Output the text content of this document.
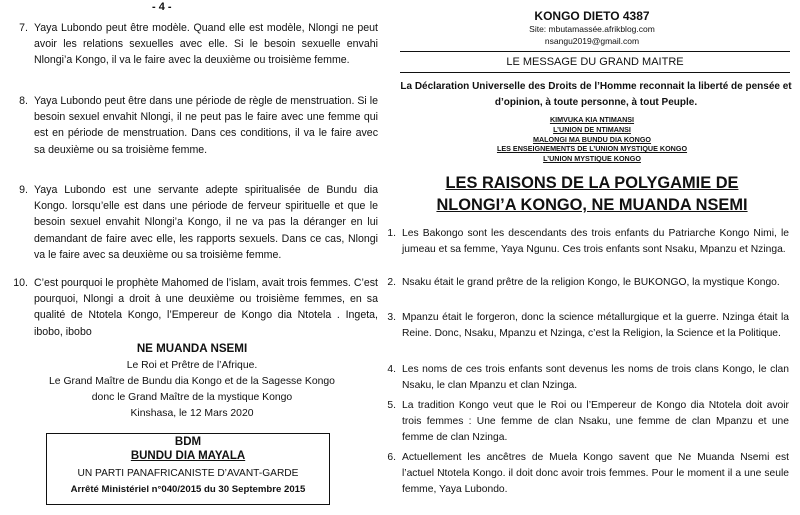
- 4 -
7. Yaya Lubondo peut être modèle. Quand elle est modèle, Nlongi ne peut avoir les relations sexuelles avec elle. Si le besoin sexuelle envahi Nlongi’a Kongo, il va le faire avec la deuxième ou troisième femme.
8. Yaya Lubondo peut être dans une période de règle de menstruation. Si le besoin sexuel envahit Nlongi, il ne peut pas le faire avec une femme qui est en période de menstruation. Dans ces conditions, il va le faire avec sa deuxième ou sa troisième femme.
9. Yaya Lubondo est une servante adepte spiritualisée de Bundu dia Kongo. lorsqu’elle est dans une période de ferveur spirituelle et que le besoin sexuel envahit Nlongi’a Kongo, il ne va pas la déranger en lui demandant de faire avec elle, les rapports sexuels. Dans ce cas, Nlongi va le faire avec sa deuxième ou sa troisième femme.
10. C’est pourquoi le prophète Mahomed de l’islam, avait trois femmes. C’est pourquoi, Nlongi a droit à une deuxième ou troisième femmes, en sa qualité de Ntotela Kongo, l’Empereur de Kongo dia Ntotela . Ingeta, ibobo, ibobo
NE MUANDA NSEMI
Le Roi et Prêtre de l’Afrique.
Le Grand Maître de Bundu dia Kongo et de la Sagesse Kongo
donc le Grand Maître de la mystique Kongo
Kinshasa, le 12 Mars 2020
BDM
BUNDU DIA MAYALA
UN PARTI PANAFRICANISTE D’AVANT-GARDE
Arrêté Ministériel n°040/2015 du 30 Septembre 2015
KONGO DIETO 4387
Site: mbutamassée.afrikblog.com
nsangu2019@gmail.com
LE MESSAGE DU GRAND MAITRE
La Déclaration Universelle des Droits de l’Homme reconnait la liberté de pensée et d’opinion, à toute personne, à tout Peuple.
KIMVUKA KIA NTIMANSI
L’UNION DE NTIMANSI
MALONGI MA BUNDU DIA KONGO
LES ENSEIGNEMENTS DE L’UNION MYSTIQUE KONGO
L’UNION MYSTIQUE KONGO
LES RAISONS DE LA POLYGAMIE DE
NLONGI’A KONGO, NE MUANDA NSEMI
1. Les Bakongo sont les descendants des trois enfants du Patriarche Kongo Nimi, le jumeau et sa femme, Yaya Ngunu. Ces trois enfants sont Nsaku, Mpanzu et Nzinga.
2. Nsaku était le grand prêtre de la religion Kongo, le BUKONGO, la mystique Kongo.
3. Mpanzu était le forgeron, donc la science métallurgique et la guerre. Nzinga était la Reine. Donc, Nsaku, Mpanzu et Nzinga, c’est la Religion, la Science et la Politique.
4. Les noms de ces trois enfants sont devenus les noms de trois clans Kongo, le clan Nsaku, le clan Mpanzu et clan Nzinga.
5. La tradition Kongo veut que le Roi ou l’Empereur de Kongo dia Ntotela doit avoir trois femmes : Une femme de clan Nsaku, une femme de clan Mpanzu et une femme de clan Nzinga.
6. Actuellement les ancêtres de Muela Kongo savent que Ne Muanda Nsemi est l’actuel Ntotela Kongo. il doit donc avoir trois femmes. Pour le moment il a une seule femme, Yaya Lubondo.
